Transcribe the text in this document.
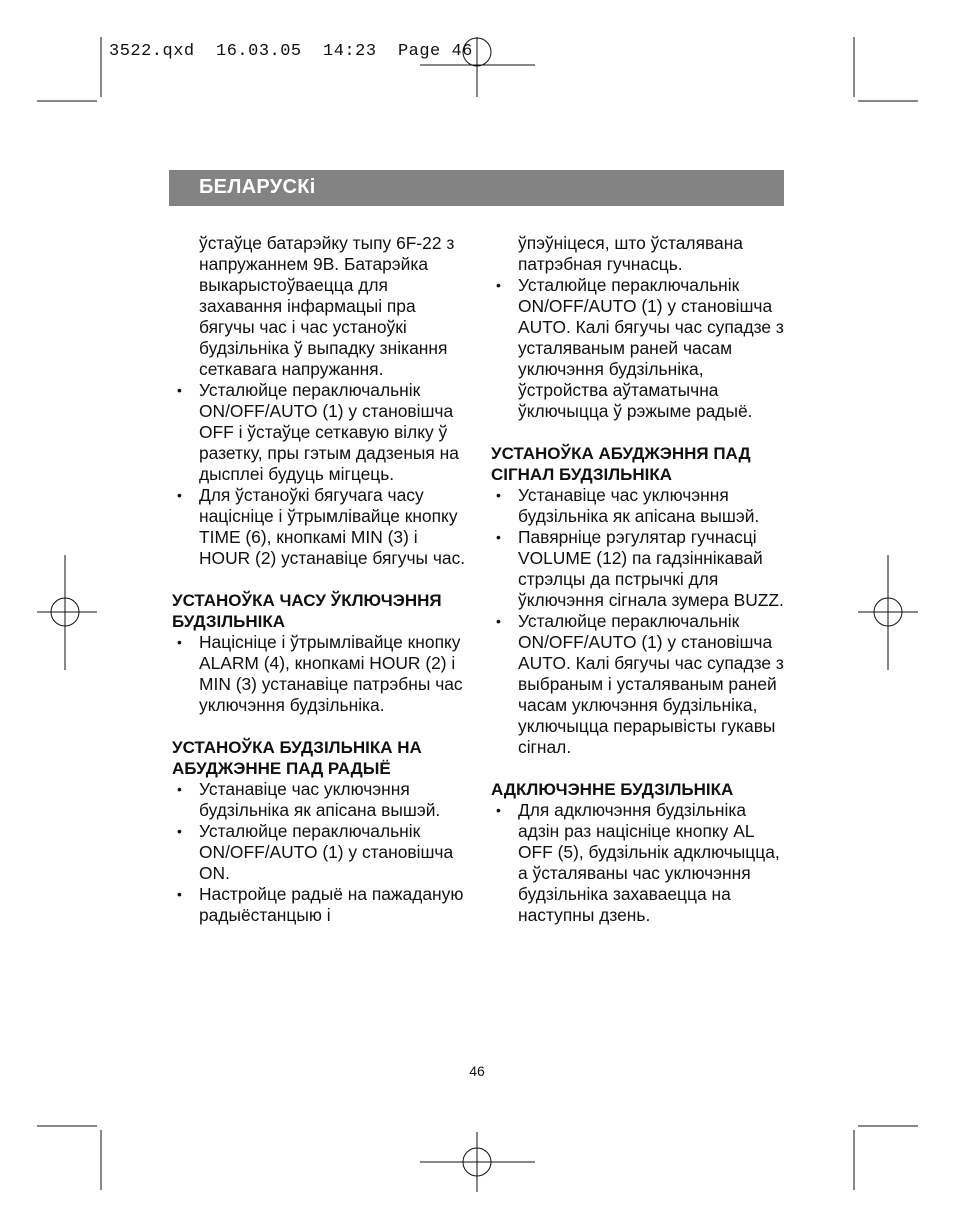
3522.qxd  16.03.05  14:23  Page 46
БЕЛАРУСКi

ўстаўце батарэйку тыпу 6F-22 з напружаннем 9В. Батарэйка выкарыстоўваецца для захавання інфармацыі пра бягучы час і час устаноўкі будзільніка ў выпадку знікання сеткавага напружання.

• Усталюйце пераключальнік ON/OFF/AUTO (1) у становішча OFF і ўстаўце сеткавую вілку ў разетку, пры гэтым дадзеныя на дысплеі будуць мігцець.
• Для ўстаноўкі бягучага часу націсніце і ўтрымлівайце кнопку TIME (6), кнопкамі MIN (3) і HOUR (2) устанавіце бягучы час.
УСТАНОЎКА ЧАСУ ЎКЛЮЧЭННЯ БУДЗІЛЬНІКА
• Націсніце і ўтрымлівайце кнопку ALARM (4), кнопкамі HOUR (2) і MIN (3) устанавіце патрэбны час уключэння будзільніка.
УСТАНОЎКА БУДЗІЛЬНІКА НА АБУДЖЭННЕ ПАД РАДЫЁ
• Устанавіце час уключэння будзільніка як апісана вышэй.
• Усталюйце пераключальнік ON/OFF/AUTO (1) у становішча ON.
• Настройце радыё на пажаданую радыёстанцыю і

ўпэўніцеся, што ўсталявана патрэбная гучнасць.

• Усталюйце пераключальнік ON/OFF/AUTO (1) у становішча AUTO. Калі бягучы час супадзе з усталяваным раней часам уключэння будзільніка, ўстройства аўтаматычна ўключыцца ў рэжыме радыё.
УСТАНОЎКА АБУДЖЭННЯ ПАД СІГНАЛ БУДЗІЛЬНІКА
• Устанавіце час уключэння будзільніка як апісана вышэй.
• Павярніце рэгулятар гучнасці VOLUME (12) па гадзіннікавай стрэлцы да пстрычкі для ўключэння сігнала зумера BUZZ.
• Усталюйце пераключальнік ON/OFF/AUTO (1) у становішча AUTO. Калі бягучы час супадзе з выбраным і усталяваным раней часам уключэння будзільніка, уключыцца перарывісты гукавы сігнал.
АДКЛЮЧЭННЕ БУДЗІЛЬНІКА
• Для адключэння будзільніка адзін раз націсніце кнопку AL OFF (5), будзільнік адключыцца, а ўсталяваны час уключэння будзільніка захаваецца на наступны дзень.
46
